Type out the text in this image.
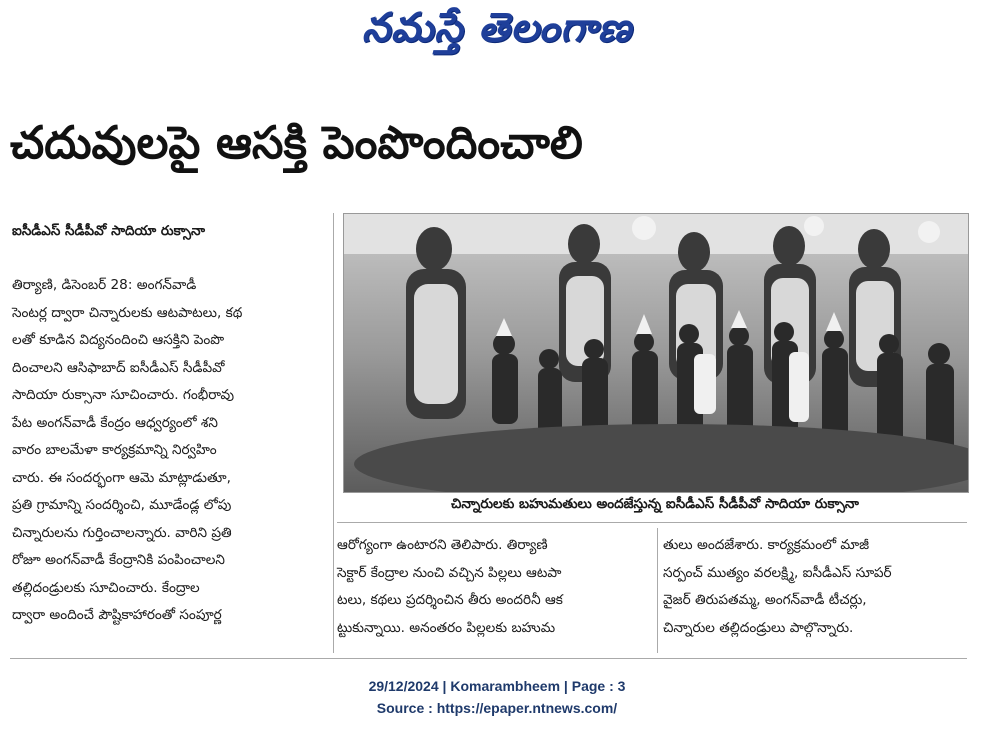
నమస్తే తెలంగాణ
చదువులపై ఆసక్తి పెంపొందించాలి
ఐసీడీఎస్ సీడీపీవో సాదియా రుక్సానా

తిర్యాణి, డిసెంబర్ 28: అంగన్‌వాడీ

సెంటర్ల ద్వారా చిన్నారులకు ఆటపాటలు, కథ

లతో కూడిన విద్యనందించి ఆసక్తిని పెంపొ

దించాలని ఆసిఫాబాద్ ఐసీడీఎస్ సీడీపీవో

సాదియా రుక్సానా సూచించారు. గంభీరావు

పేట అంగన్‌వాడీ కేంద్రం ఆధ్వర్యంలో శని

వారం బాలమేళా కార్యక్రమాన్ని నిర్వహిం

చారు. ఈ సందర్భంగా ఆమె మాట్లాడుతూ,

ప్రతి గ్రామాన్ని సందర్శించి, మూడేండ్ల లోపు

చిన్నారులను గుర్తించాలన్నారు. వారిని ప్రతి

రోజూ అంగన్‌వాడీ కేంద్రానికి పంపించాలని

తల్లిదండ్రులకు సూచించారు. కేంద్రాల

ద్వారా అందించే పౌష్టికాహారంతో సంపూర్ణ

చిన్నారులకు బహుమతులు అందజేస్తున్న ఐసీడీఎస్ సీడీపీవో సాదియా రుక్సానా

ఆరోగ్యంగా ఉంటారని తెలిపారు. తిర్యాణి

సెక్టార్ కేంద్రాల నుంచి వచ్చిన పిల్లలు ఆటపా

టలు, కథలు ప్రదర్శించిన తీరు అందరినీ ఆక

ట్టుకున్నాయి. అనంతరం పిల్లలకు బహుమ

తులు అందజేశారు. కార్యక్రమంలో మాజీ

సర్పంచ్ ముత్యం వరలక్ష్మి, ఐసీడీఎస్ సూపర్

వైజర్ తిరుపతమ్మ, అంగన్‌వాడీ టీచర్లు,

చిన్నారుల తల్లిదండ్రులు పాల్గొన్నారు.

29/12/2024 | Komarambheem | Page : 3
Source : https://epaper.ntnews.com/
